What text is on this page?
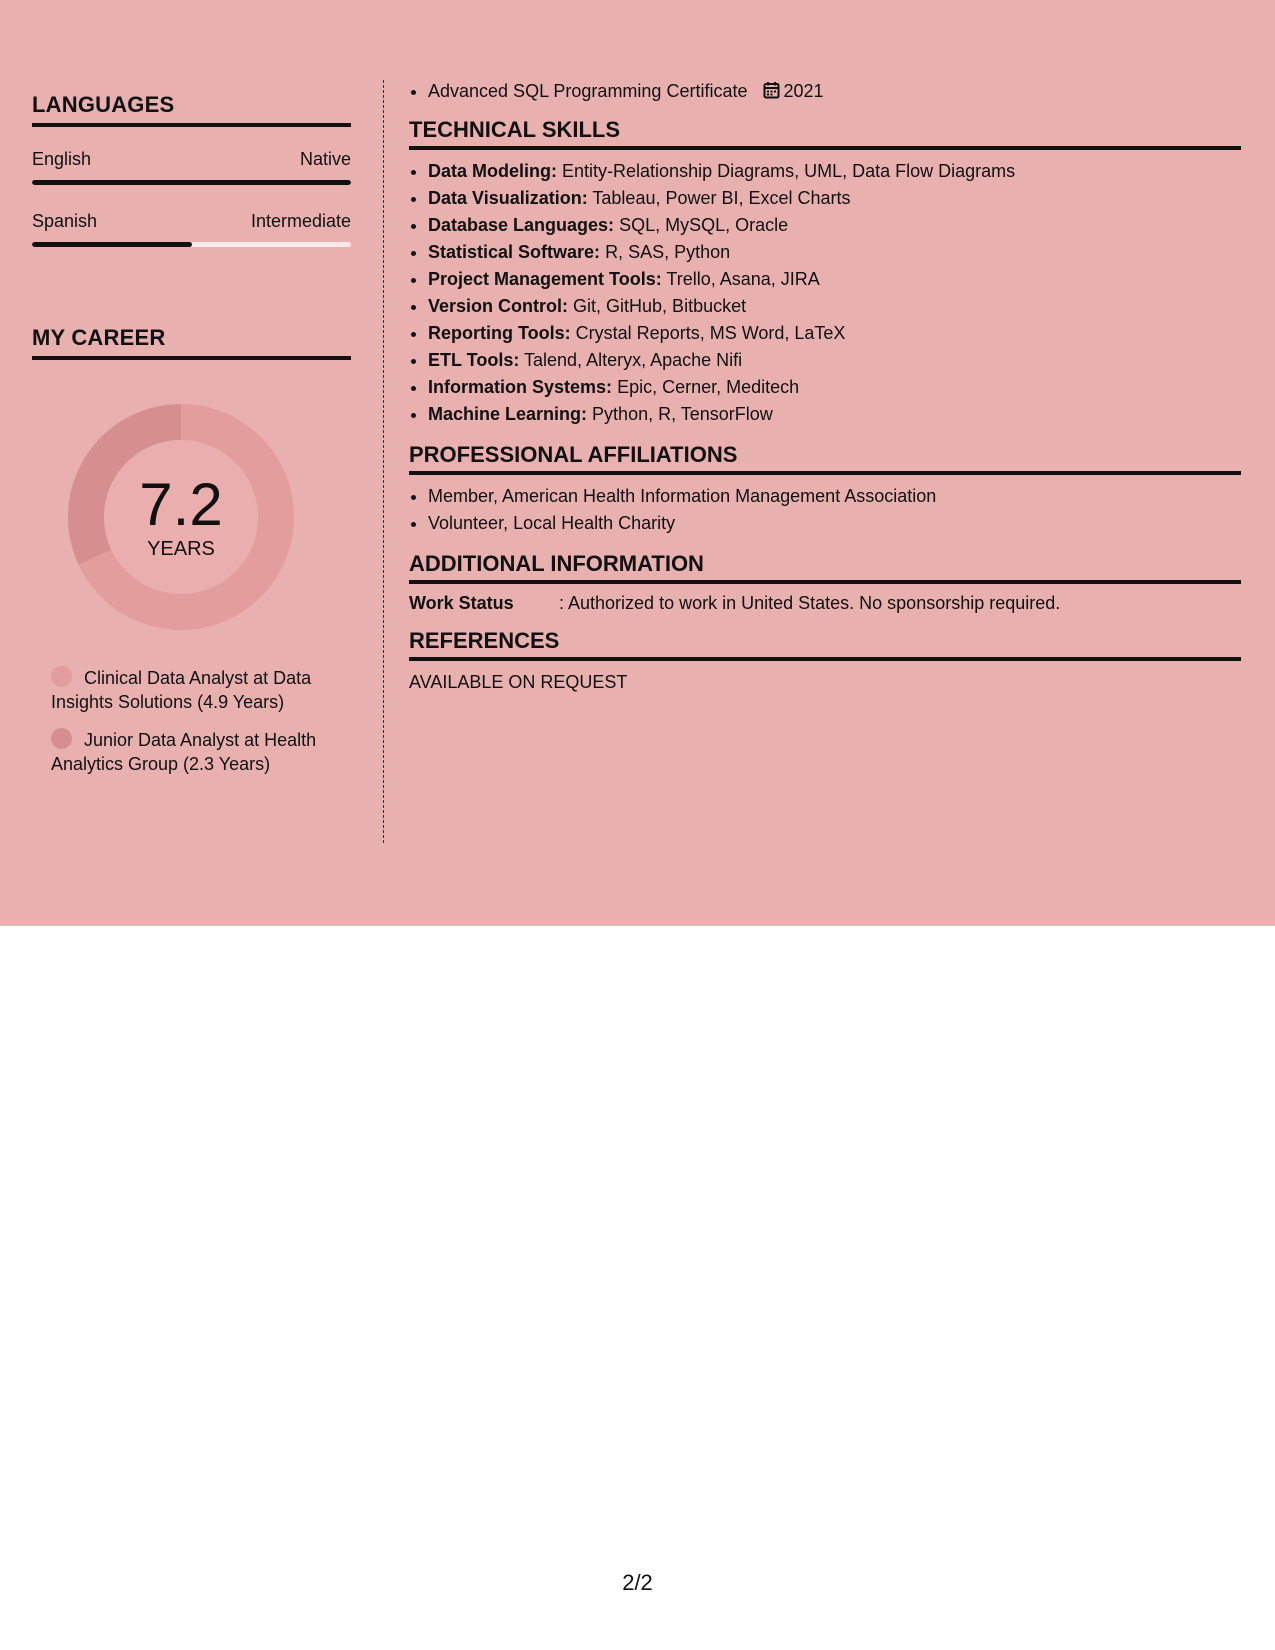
LANGUAGES
English	Native
Spanish	Intermediate
MY CAREER
7.2
YEARS
Clinical Data Analyst at Data Insights Solutions (4.9 Years)
Junior Data Analyst at Health Analytics Group (2.3 Years)
• Advanced SQL Programming Certificate 2021
TECHNICAL SKILLS
• Data Modeling: Entity-Relationship Diagrams, UML, Data Flow Diagrams
• Data Visualization: Tableau, Power BI, Excel Charts
• Database Languages: SQL, MySQL, Oracle
• Statistical Software: R, SAS, Python
• Project Management Tools: Trello, Asana, JIRA
• Version Control: Git, GitHub, Bitbucket
• Reporting Tools: Crystal Reports, MS Word, LaTeX
• ETL Tools: Talend, Alteryx, Apache Nifi
• Information Systems: Epic, Cerner, Meditech
• Machine Learning: Python, R, TensorFlow
PROFESSIONAL AFFILIATIONS
• Member, American Health Information Management Association
• Volunteer, Local Health Charity
ADDITIONAL INFORMATION
Work Status	: Authorized to work in United States. No sponsorship required.
REFERENCES
AVAILABLE ON REQUEST
2/2
